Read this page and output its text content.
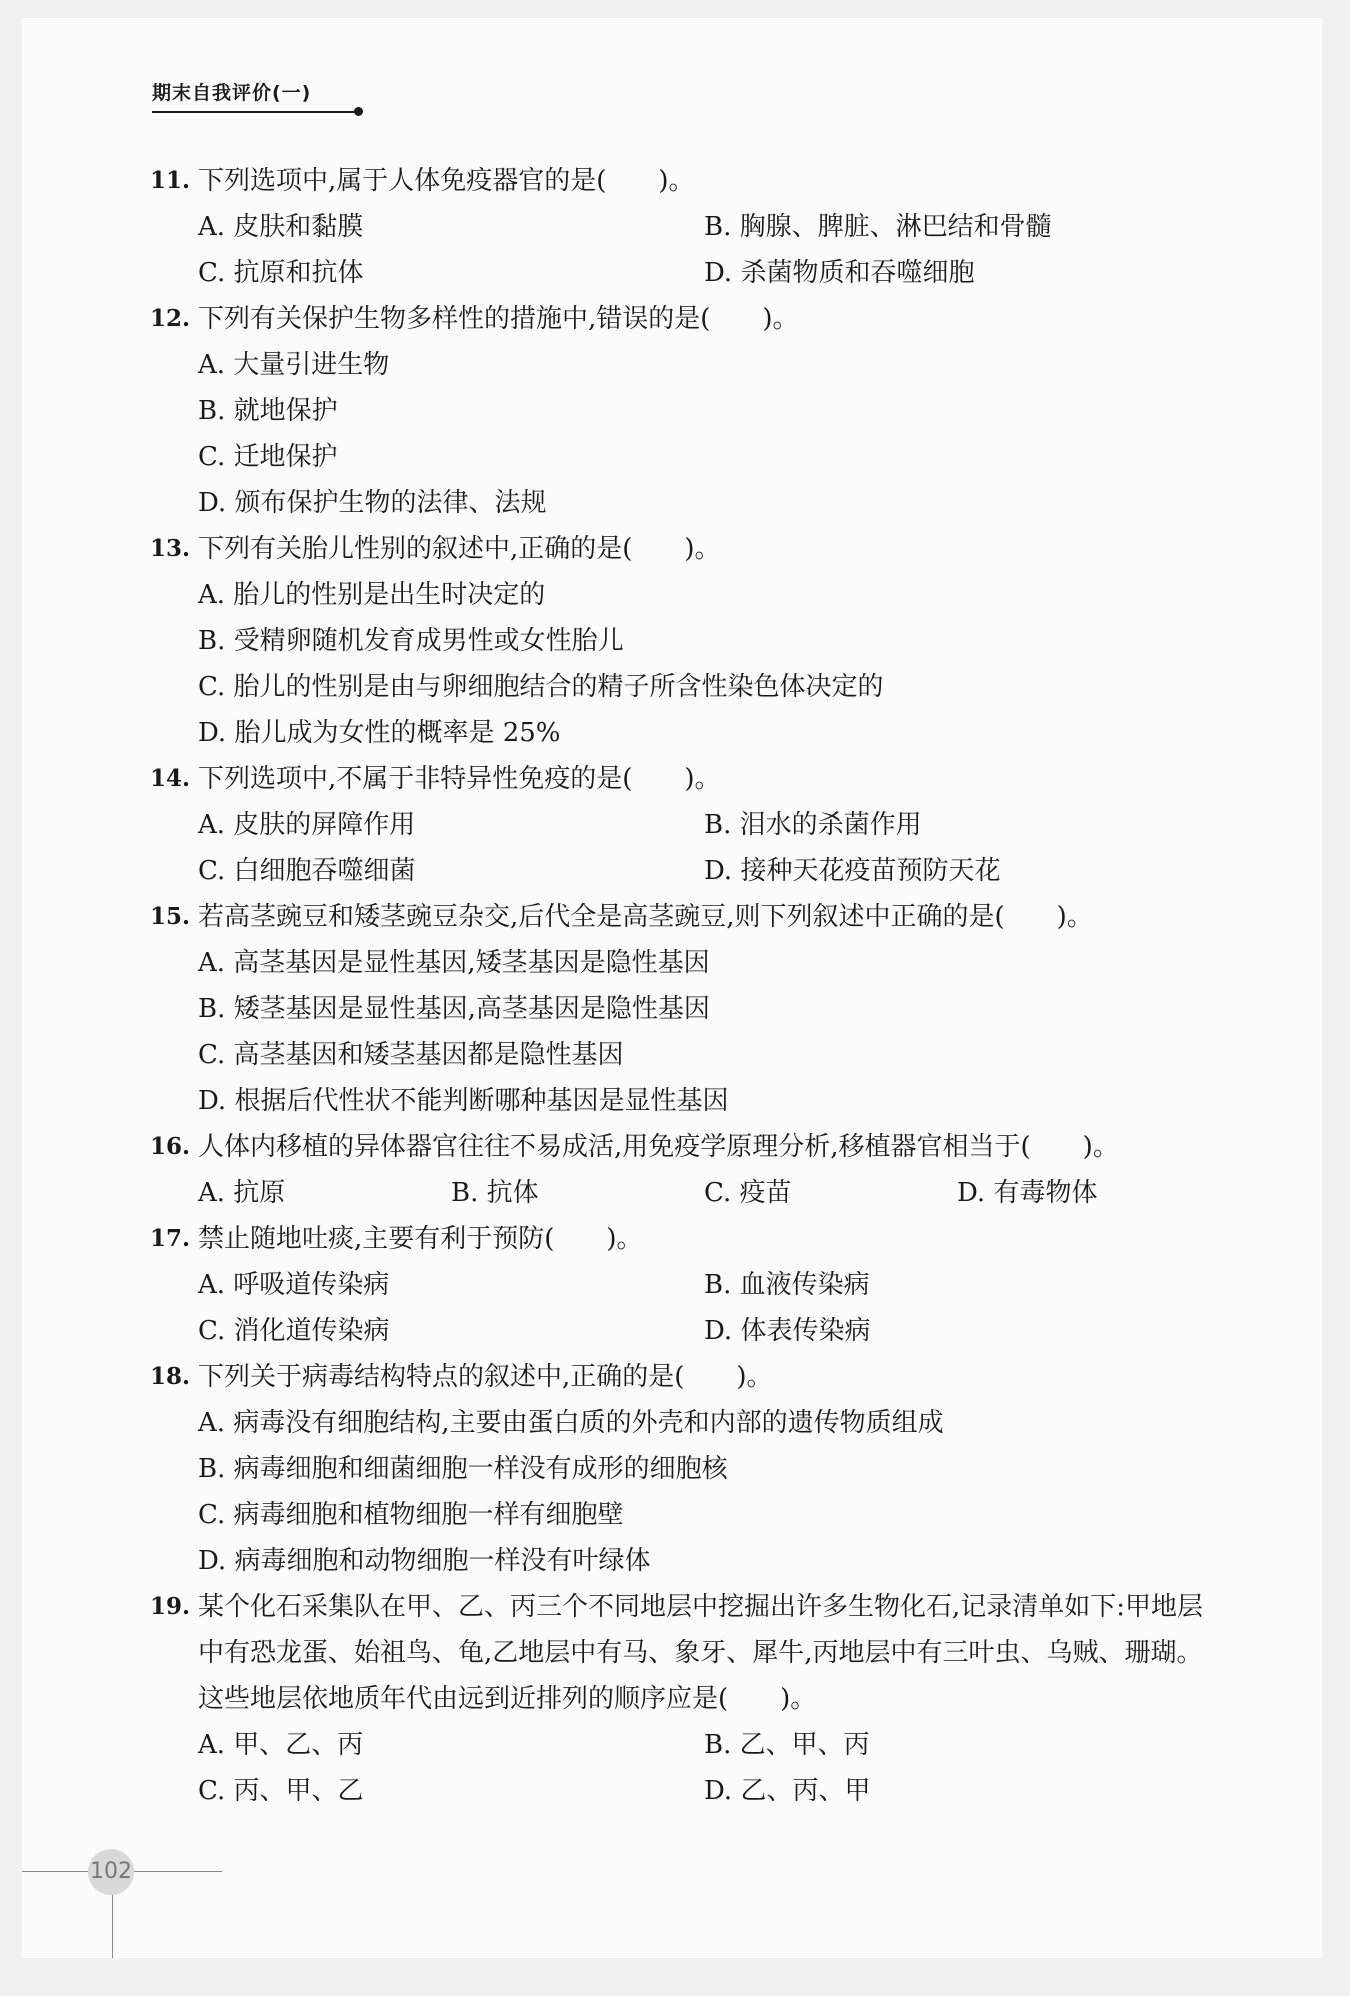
期末自我评价(一)
11. 下列选项中,属于人体免疫器官的是(　　)。
A. 皮肤和黏膜	B. 胸腺、脾脏、淋巴结和骨髓
C. 抗原和抗体	D. 杀菌物质和吞噬细胞
12. 下列有关保护生物多样性的措施中,错误的是(　　)。
A. 大量引进生物
B. 就地保护
C. 迁地保护
D. 颁布保护生物的法律、法规
13. 下列有关胎儿性别的叙述中,正确的是(　　)。
A. 胎儿的性别是出生时决定的
B. 受精卵随机发育成男性或女性胎儿
C. 胎儿的性别是由与卵细胞结合的精子所含性染色体决定的
D. 胎儿成为女性的概率是 25%
14. 下列选项中,不属于非特异性免疫的是(　　)。
A. 皮肤的屏障作用	B. 泪水的杀菌作用
C. 白细胞吞噬细菌	D. 接种天花疫苗预防天花
15. 若高茎豌豆和矮茎豌豆杂交,后代全是高茎豌豆,则下列叙述中正确的是(　　)。
A. 高茎基因是显性基因,矮茎基因是隐性基因
B. 矮茎基因是显性基因,高茎基因是隐性基因
C. 高茎基因和矮茎基因都是隐性基因
D. 根据后代性状不能判断哪种基因是显性基因
16. 人体内移植的异体器官往往不易成活,用免疫学原理分析,移植器官相当于(　　)。
A. 抗原	B. 抗体	C. 疫苗	D. 有毒物体
17. 禁止随地吐痰,主要有利于预防(　　)。
A. 呼吸道传染病	B. 血液传染病
C. 消化道传染病	D. 体表传染病
18. 下列关于病毒结构特点的叙述中,正确的是(　　)。
A. 病毒没有细胞结构,主要由蛋白质的外壳和内部的遗传物质组成
B. 病毒细胞和细菌细胞一样没有成形的细胞核
C. 病毒细胞和植物细胞一样有细胞壁
D. 病毒细胞和动物细胞一样没有叶绿体
19. 某个化石采集队在甲、乙、丙三个不同地层中挖掘出许多生物化石,记录清单如下:甲地层中有恐龙蛋、始祖鸟、龟,乙地层中有马、象牙、犀牛,丙地层中有三叶虫、乌贼、珊瑚。这些地层依地质年代由远到近排列的顺序应是(　　)。
A. 甲、乙、丙	B. 乙、甲、丙
C. 丙、甲、乙	D. 乙、丙、甲
102
